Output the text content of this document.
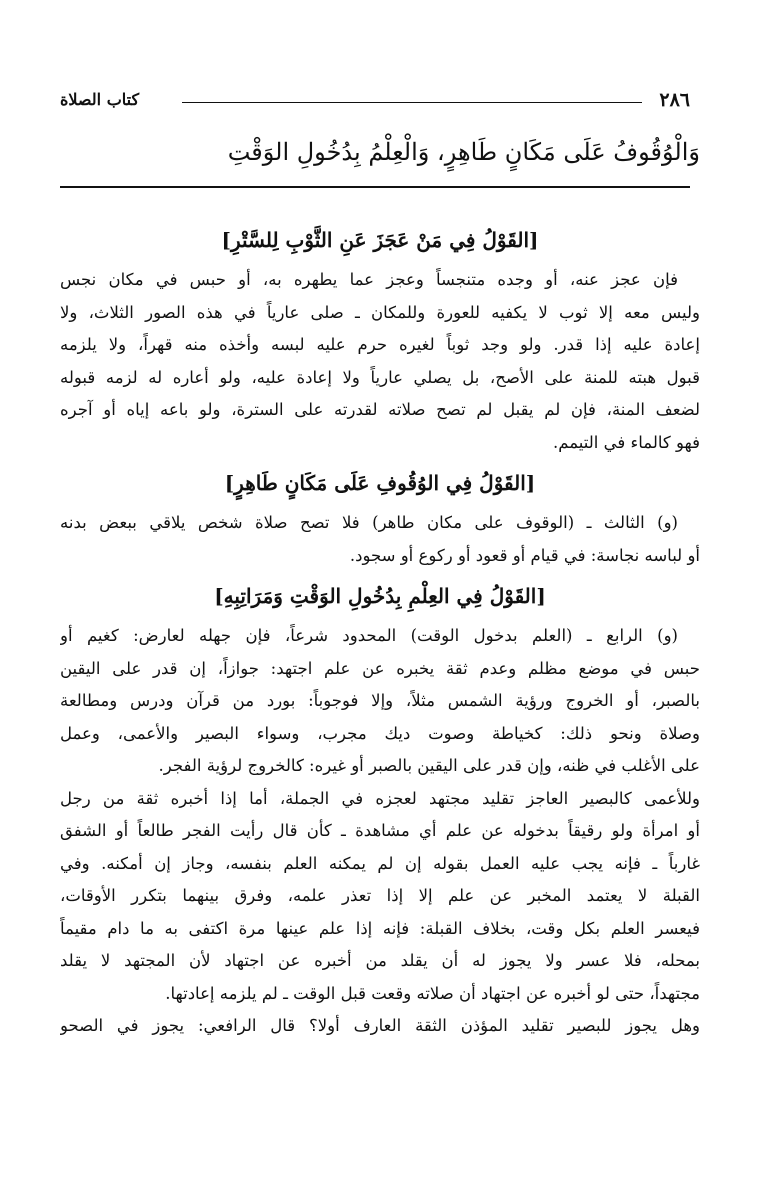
٢٨٦
كتاب الصلاة
وَالْوُقُوفُ عَلَى مَكَانٍ طَاهِرٍ، وَالْعِلْمُ بِدُخُولِ الوَقْتِ
[القَوْلُ فِي مَنْ عَجَزَ عَنِ الثَّوْبِ لِلسَّتْرِ]

فإن عجز عنه، أو وجده متنجساً وعجز عما يطهره به، أو حبس في مكان نجس
وليس معه إلا ثوب لا يكفيه للعورة وللمكان ـ صلى عارياً في هذه الصور الثلاث، ولا
إعادة عليه إذا قدر. ولو وجد ثوباً لغيره حرم عليه لبسه وأخذه منه قهراً، ولا يلزمه
قبول هبته للمنة على الأصح، بل يصلي عارياً ولا إعادة عليه، ولو أعاره له لزمه قبوله
لضعف المنة، فإن لم يقبل لم تصح صلاته لقدرته على السترة، ولو باعه إياه أو آجره
فهو كالماء في التيمم.

[القَوْلُ فِي الوُقُوفِ عَلَى مَكَانٍ طَاهِرٍ]

(و) الثالث ـ (الوقوف على مكان طاهر) فلا تصح صلاة شخص يلاقي ببعض بدنه
أو لباسه نجاسة: في قيام أو قعود أو ركوع أو سجود.

[القَوْلُ فِي العِلْمِ بِدُخُولِ الوَقْتِ وَمَرَاتِبِهِ]

(و) الرابع ـ (العلم بدخول الوقت) المحدود شرعاً، فإن جهله لعارض: كغيم أو
حبس في موضع مظلم وعدم ثقة يخبره عن علم اجتهد: جوازاً، إن قدر على اليقين
بالصبر، أو الخروج ورؤية الشمس مثلاً، وإلا فوجوباً: بورد من قرآن ودرس ومطالعة
وصلاة ونحو ذلك: كخياطة وصوت ديك مجرب، وسواء البصير والأعمى، وعمل
على الأغلب في ظنه، وإن قدر على اليقين بالصبر أو غيره: كالخروج لرؤية الفجر.
وللأعمى كالبصير العاجز تقليد مجتهد لعجزه في الجملة، أما إذا أخبره ثقة من رجل
أو امرأة ولو رقيقاً بدخوله عن علم أي مشاهدة ـ كأن قال رأيت الفجر طالعاً أو الشفق
غارباً ـ فإنه يجب عليه العمل بقوله إن لم يمكنه العلم بنفسه، وجاز إن أمكنه. وفي
القبلة لا يعتمد المخبر عن علم إلا إذا تعذر علمه، وفرق بينهما بتكرر الأوقات،
فيعسر العلم بكل وقت، بخلاف القبلة: فإنه إذا علم عينها مرة اكتفى به ما دام مقيماً
بمحله، فلا عسر ولا يجوز له أن يقلد من أخبره عن اجتهاد لأن المجتهد لا يقلد
مجتهداً، حتى لو أخبره عن اجتهاد أن صلاته وقعت قبل الوقت ـ لم يلزمه إعادتها.
وهل يجوز للبصير تقليد المؤذن الثقة العارف أولا؟ قال الرافعي: يجوز في الصحو
